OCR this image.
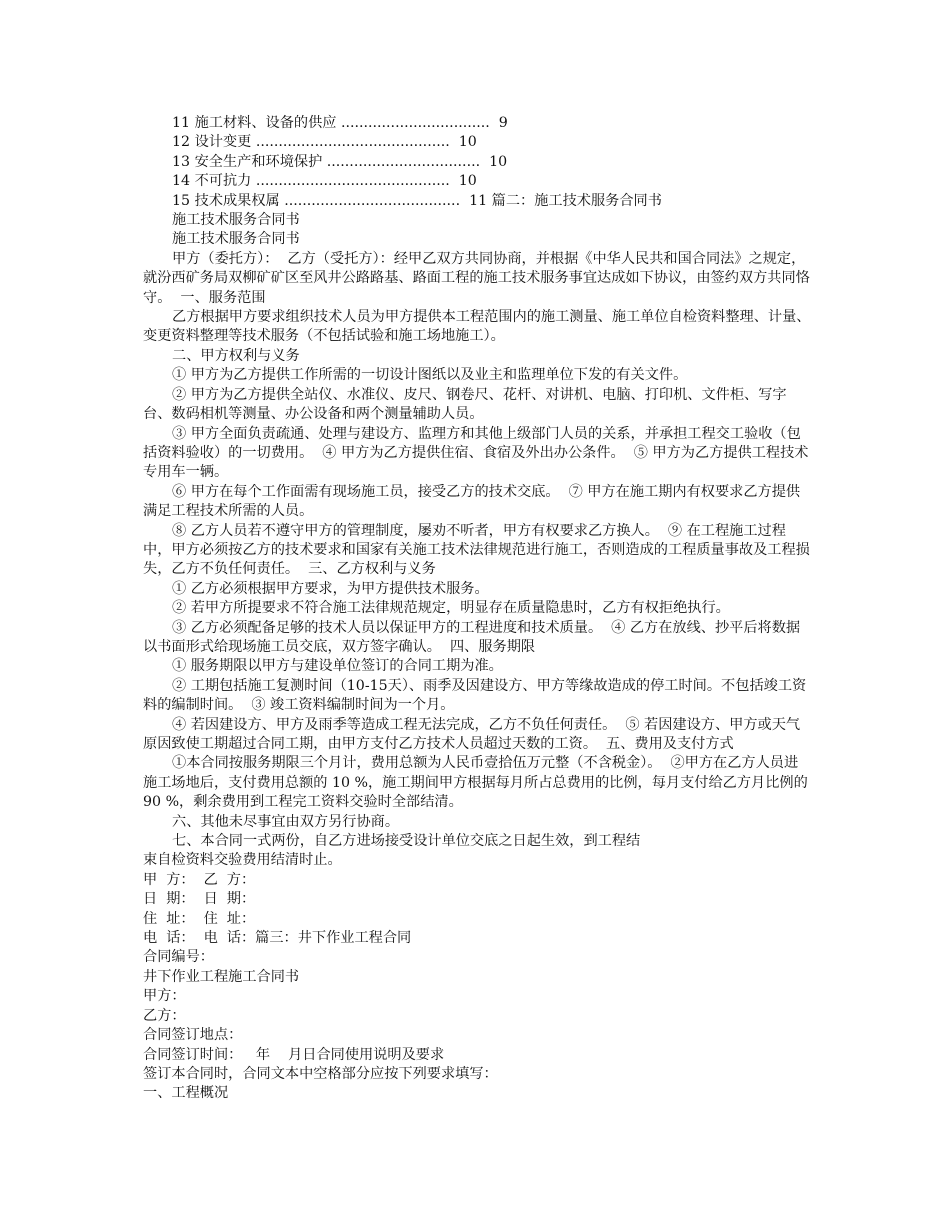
11 施工材料、设备的供应 .................................  9

12 设计变更 ...........................................  10

13 安全生产和环境保护 ..................................  10

14 不可抗力 ...........................................  10

15 技术成果权属 .......................................  11 篇二：施工技术服务合同书

施工技术服务合同书

施工技术服务合同书

甲方（委托方）：  乙方（受托方）：经甲乙双方共同协商，并根据《中华人民共和国合同法》之规定，就汾西矿务局双柳矿矿区至风井公路路基、路面工程的施工技术服务事宜达成如下协议，由签约双方共同恪守。  一、服务范围

乙方根据甲方要求组织技术人员为甲方提供本工程范围内的施工测量、施工单位自检资料整理、计量、变更资料整理等技术服务（不包括试验和施工场地施工）。

二、甲方权利与义务

① 甲方为乙方提供工作所需的一切设计图纸以及业主和监理单位下发的有关文件。

② 甲方为乙方提供全站仪、水准仪、皮尺、钢卷尺、花杆、对讲机、电脑、打印机、文件柜、写字台、数码相机等测量、办公设备和两个测量辅助人员。

③ 甲方全面负责疏通、处理与建设方、监理方和其他上级部门人员的关系，并承担工程交工验收（包括资料验收）的一切费用。  ④ 甲方为乙方提供住宿、食宿及外出办公条件。  ⑤ 甲方为乙方提供工程技术专用车一辆。

⑥ 甲方在每个工作面需有现场施工员，接受乙方的技术交底。  ⑦ 甲方在施工期内有权要求乙方提供满足工程技术所需的人员。

⑧ 乙方人员若不遵守甲方的管理制度，屡劝不听者，甲方有权要求乙方换人。  ⑨ 在工程施工过程中，甲方必须按乙方的技术要求和国家有关施工技术法律规范进行施工，否则造成的工程质量事故及工程损失，乙方不负任何责任。  三、乙方权利与义务

① 乙方必须根据甲方要求，为甲方提供技术服务。

② 若甲方所提要求不符合施工法律规范规定，明显存在质量隐患时，乙方有权拒绝执行。

③ 乙方必须配备足够的技术人员以保证甲方的工程进度和技术质量。  ④ 乙方在放线、抄平后将数据以书面形式给现场施工员交底，双方签字确认。  四、服务期限

① 服务期限以甲方与建设单位签订的合同工期为准。

② 工期包括施工复测时间（10-15天）、雨季及因建设方、甲方等缘故造成的停工时间。不包括竣工资料的编制时间。  ③ 竣工资料编制时间为一个月。

④ 若因建设方、甲方及雨季等造成工程无法完成，乙方不负任何责任。  ⑤ 若因建设方、甲方或天气原因致使工期超过合同工期，由甲方支付乙方技术人员超过天数的工资。  五、费用及支付方式

①本合同按服务期限三个月计，费用总额为人民币壹拾伍万元整（不含税金）。  ②甲方在乙方人员进施工场地后，支付费用总额的 10 %，施工期间甲方根据每月所占总费用的比例，每月支付给乙方月比例的 90 %，剩余费用到工程完工资料交验时全部结清。

六、其他未尽事宜由双方另行协商。

七、本合同一式两份，自乙方进场接受设计单位交底之日起生效，到工程结

束自检资料交验费用结清时止。

甲  方：  乙  方：

日  期：  日  期：

住  址：  住  址：

电  话：  电  话：篇三：井下作业工程合同

合同编号：

井下作业工程施工合同书

甲方：

乙方：

合同签订地点：

合同签订时间：   年    月日合同使用说明及要求

签订本合同时，合同文本中空格部分应按下列要求填写：

一、工程概况
